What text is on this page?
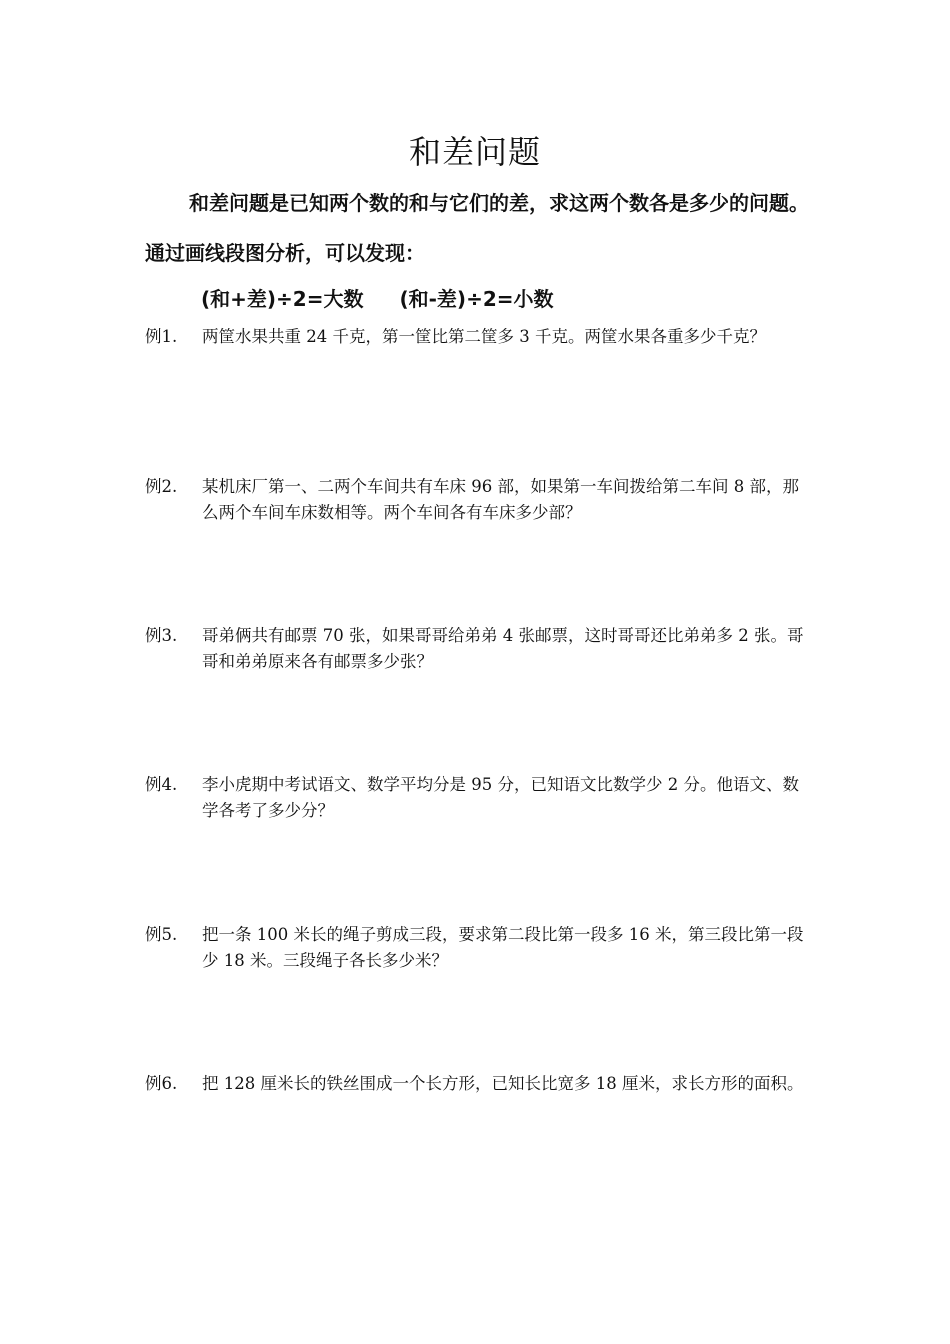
和差问题

和差问题是已知两个数的和与它们的差，求这两个数各是多少的问题。通过画线段图分析，可以发现：

(和+差)÷2=大数 (和-差)÷2=小数
例1.	两筐水果共重 24 千克，第一筐比第二筐多 3 千克。两筐水果各重多少千克？
例2.	某机床厂第一、二两个车间共有车床 96 部，如果第一车间拨给第二车间 8 部，那么两个车间车床数相等。两个车间各有车床多少部？
例3.	哥弟俩共有邮票 70 张，如果哥哥给弟弟 4 张邮票，这时哥哥还比弟弟多 2 张。哥哥和弟弟原来各有邮票多少张？
例4.	李小虎期中考试语文、数学平均分是 95 分，已知语文比数学少 2 分。他语文、数学各考了多少分？
例5.	把一条 100 米长的绳子剪成三段，要求第二段比第一段多 16 米，第三段比第一段少 18 米。三段绳子各长多少米？
例6.	把 128 厘米长的铁丝围成一个长方形，已知长比宽多 18 厘米，求长方形的面积。
